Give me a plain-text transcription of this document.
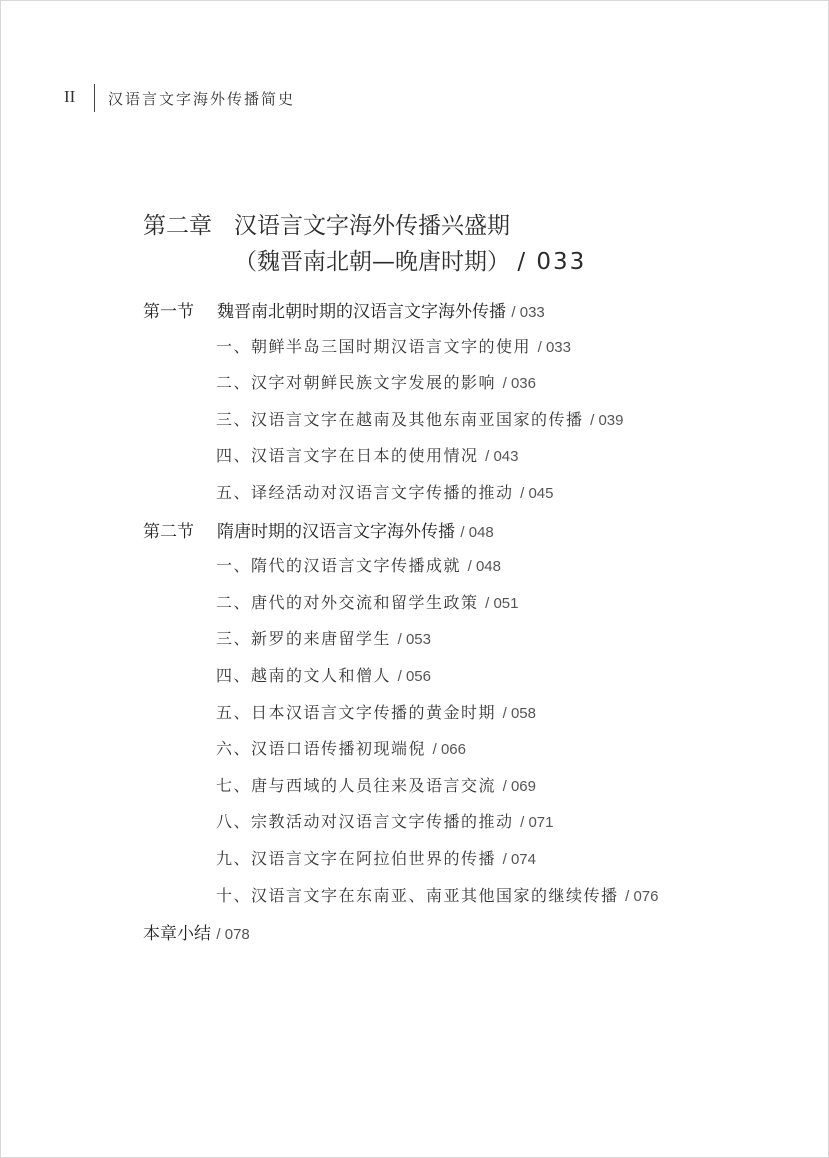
II 汉语言文字海外传播简史
第二章 汉语言文字海外传播兴盛期
（魏晋南北朝—晚唐时期） / 033
第一节 魏晋南北朝时期的汉语言文字海外传播 / 033
一、朝鲜半岛三国时期汉语言文字的使用 / 033
二、汉字对朝鲜民族文字发展的影响 / 036
三、汉语言文字在越南及其他东南亚国家的传播 / 039
四、汉语言文字在日本的使用情况 / 043
五、译经活动对汉语言文字传播的推动 / 045
第二节 隋唐时期的汉语言文字海外传播 / 048
一、隋代的汉语言文字传播成就 / 048
二、唐代的对外交流和留学生政策 / 051
三、新罗的来唐留学生 / 053
四、越南的文人和僧人 / 056
五、日本汉语言文字传播的黄金时期 / 058
六、汉语口语传播初现端倪 / 066
七、唐与西域的人员往来及语言交流 / 069
八、宗教活动对汉语言文字传播的推动 / 071
九、汉语言文字在阿拉伯世界的传播 / 074
十、汉语言文字在东南亚、南亚其他国家的继续传播 / 076
本章小结 / 078
